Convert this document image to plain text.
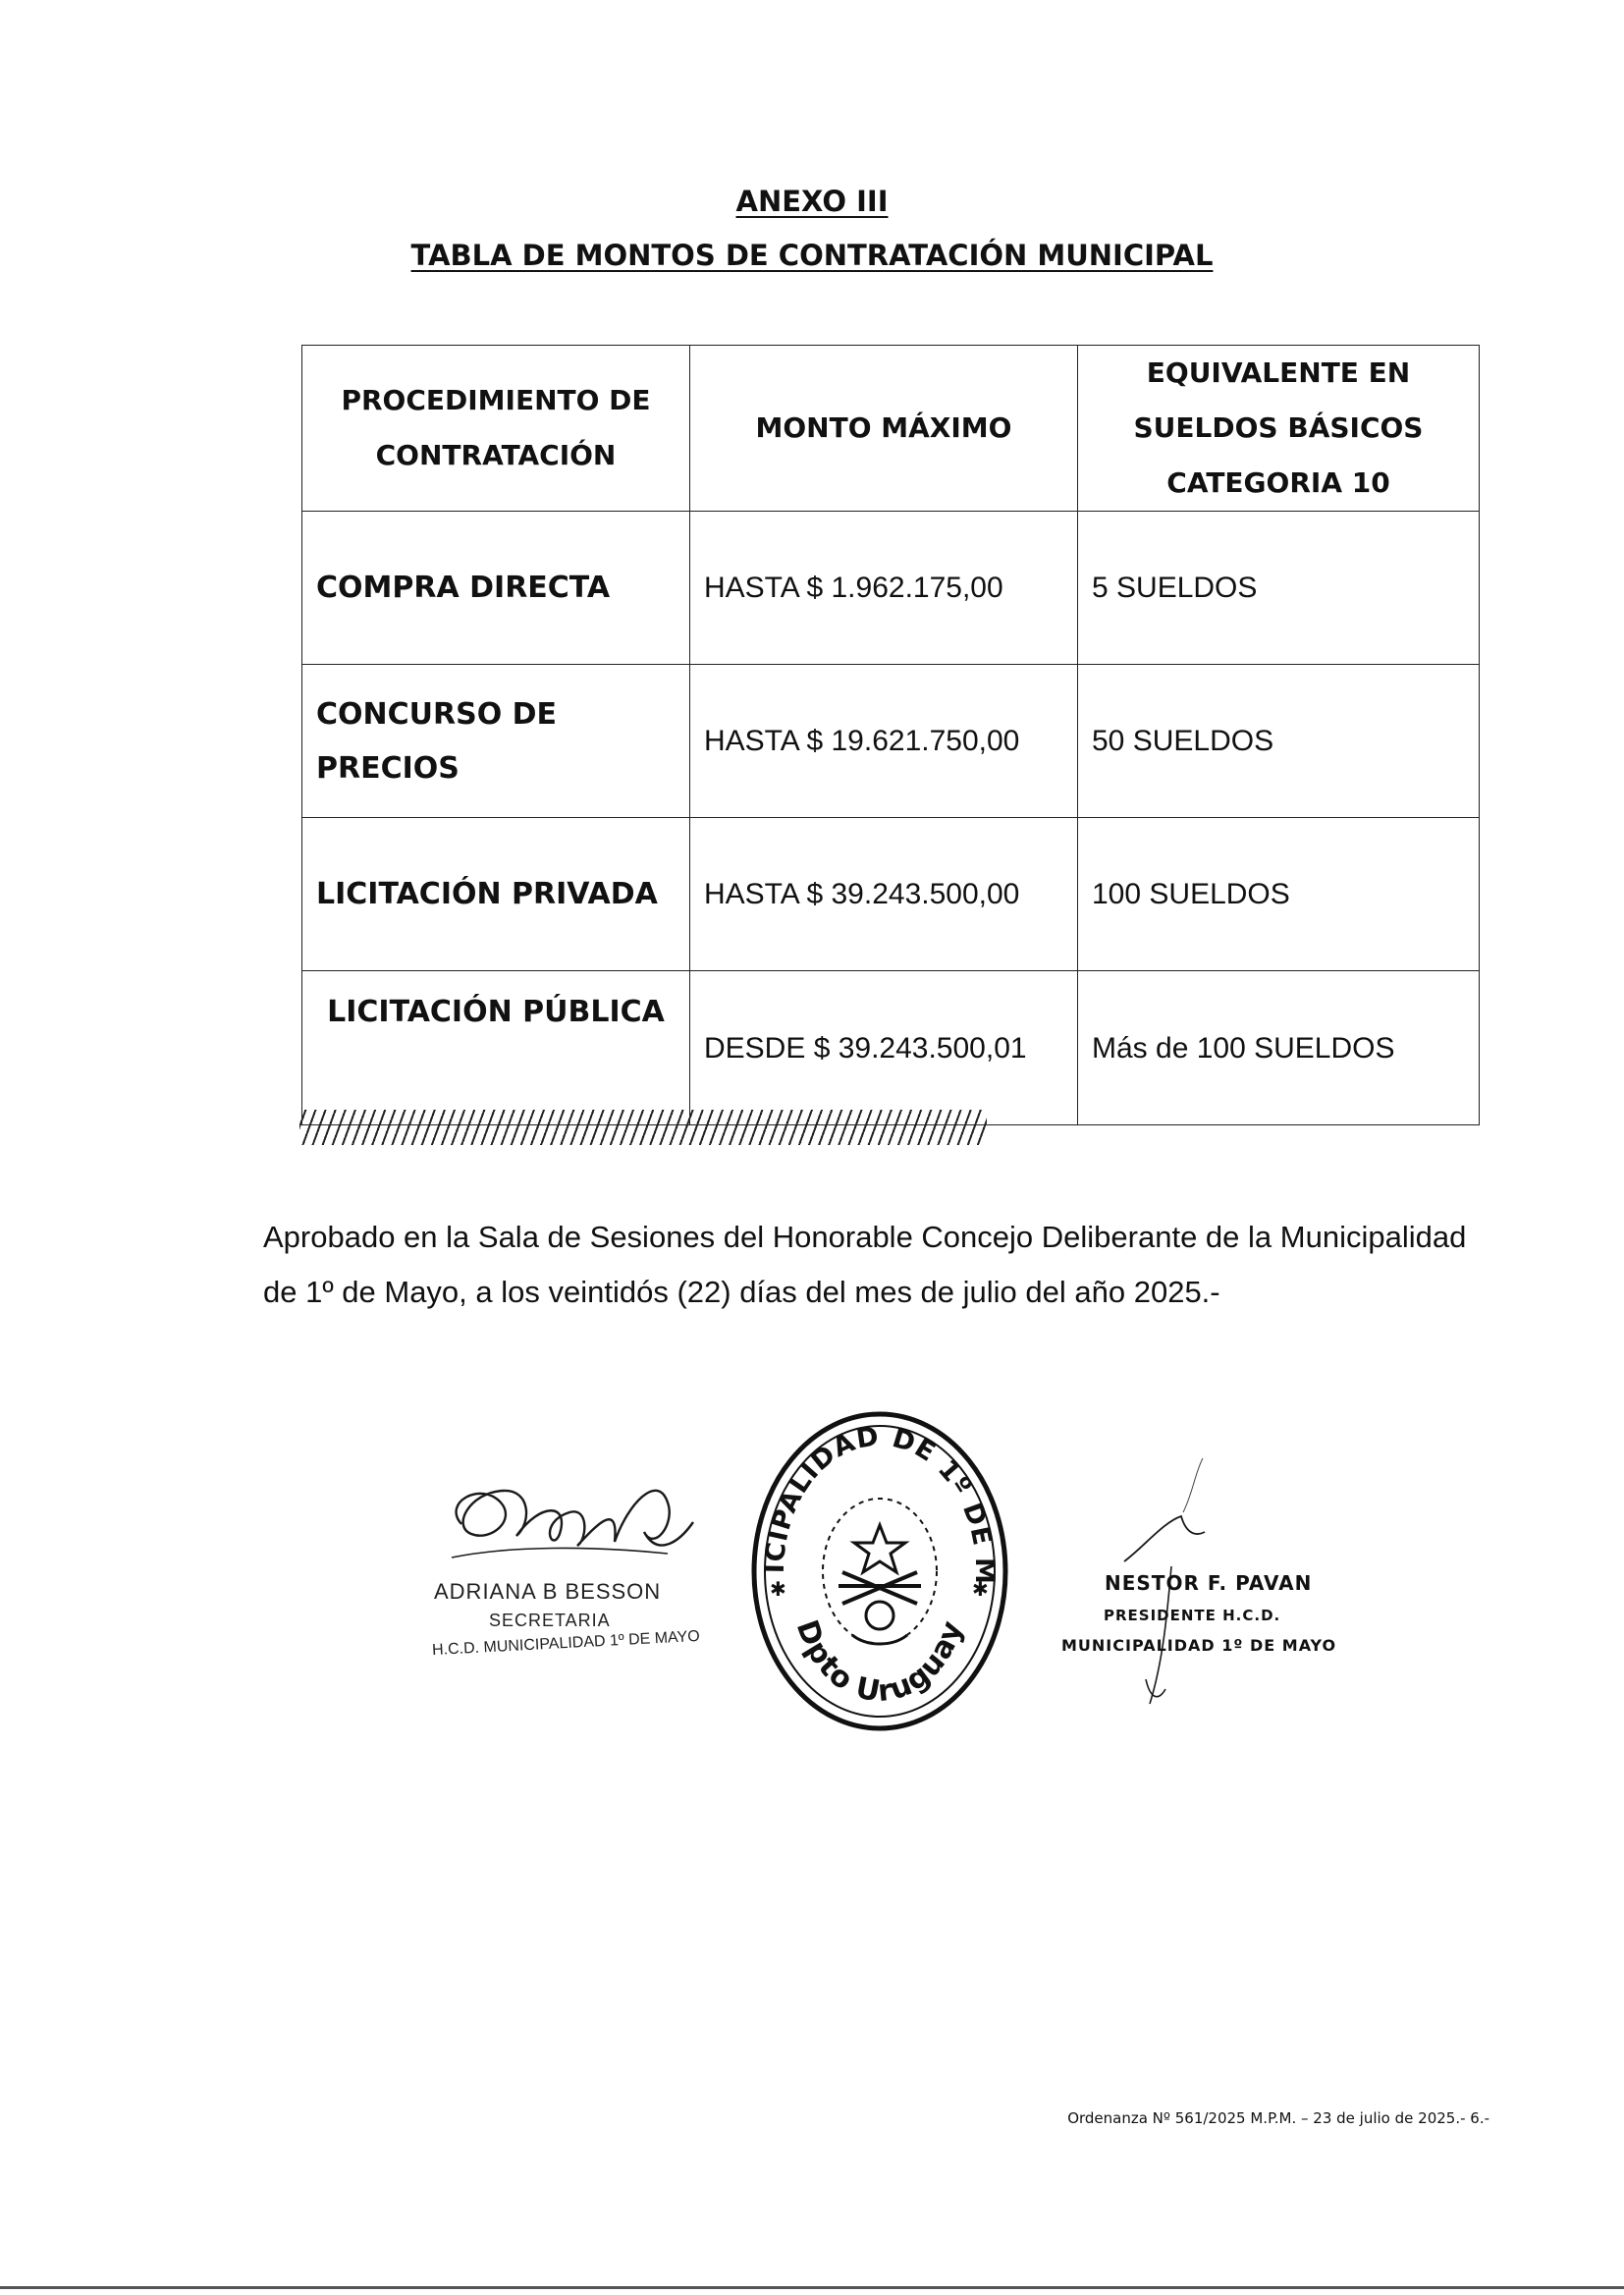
ANEXO III
TABLA DE MONTOS DE CONTRATACIÓN MUNICIPAL
PROCEDIMIENTO DE CONTRATACIÓN	MONTO MÁXIMO	EQUIVALENTE EN SUELDOS BÁSICOS CATEGORIA 10
COMPRA DIRECTA	HASTA $ 1.962.175,00	5 SUELDOS
CONCURSO DE PRECIOS	HASTA $ 19.621.750,00	50 SUELDOS
LICITACIÓN PRIVADA	HASTA $ 39.243.500,00	100 SUELDOS
LICITACIÓN PÚBLICA	DESDE $ 39.243.500,01	Más de 100 SUELDOS
Aprobado en la Sala de Sesiones del Honorable Concejo Deliberante de la Municipalidad de 1º de Mayo, a los veintidós (22) días del mes de julio del año 2025.-
ADRIANA B BESSON
SECRETARIA
H.C.D. MUNICIPALIDAD 1º DE MAYO
ICIPALIDAD DE 1º DE M
Dpto Uruguay
✱	✱	NESTOR F. PAVAN
PRESIDENTE H.C.D.
MUNICIPALIDAD 1º DE MAYO
Ordenanza Nº 561/2025 M.P.M. – 23 de julio de 2025.- 6.-
